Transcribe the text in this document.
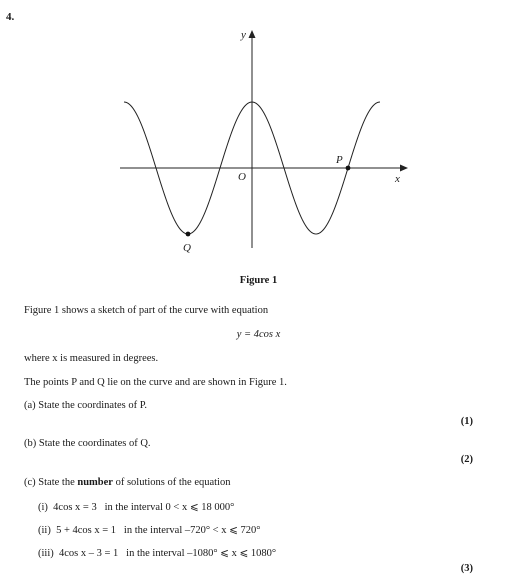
4.
y
x
O
P
Q
Figure 1
Figure 1 shows a sketch of part of the curve with equation
y = 4cos x
where x is measured in degrees.
The points P and Q lie on the curve and are shown in Figure 1.
(a) State the coordinates of P.
(1)
(b) State the coordinates of Q.
(2)
(c) State the number of solutions of the equation
(i) 4cos x = 3 in the interval 0 < x ⩽ 18 000°
(ii) 5 + 4cos x = 1 in the interval –720° < x ⩽ 720°
(iii) 4cos x – 3 = 1 in the interval –1080° ⩽ x ⩽ 1080°
(3)
